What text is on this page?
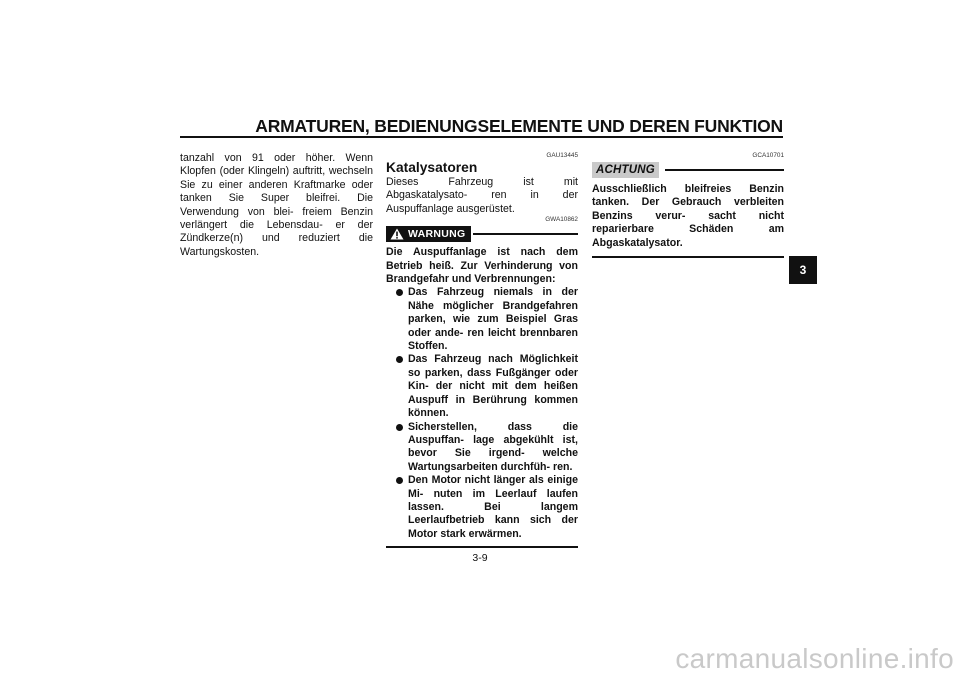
ARMATUREN, BEDIENUNGSELEMENTE UND DEREN FUNKTION
tanzahl von 91 oder höher. Wenn Klopfen (oder Klingeln) auftritt, wechseln Sie zu einer anderen Kraftmarke oder tanken Sie Super bleifrei. Die Verwendung von blei- freiem Benzin verlängert die Lebensdau- er der Zündkerze(n) und reduziert die Wartungskosten.
GAU13445
Katalysatoren
Dieses Fahrzeug ist mit Abgaskatalysato- ren in der Auspuffanlage ausgerüstet.
GWA10862
WARNUNG
Die Auspuffanlage ist nach dem Betrieb heiß. Zur Verhinderung von Brandgefahr und Verbrennungen:
Das Fahrzeug niemals in der Nähe möglicher Brandgefahren parken, wie zum Beispiel Gras oder ande- ren leicht brennbaren Stoffen.
Das Fahrzeug nach Möglichkeit so parken, dass Fußgänger oder Kin- der nicht mit dem heißen Auspuff in Berührung kommen können.
Sicherstellen, dass die Auspuffan- lage abgekühlt ist, bevor Sie irgend- welche Wartungsarbeiten durchfüh- ren.
Den Motor nicht länger als einige Mi- nuten im Leerlauf laufen lassen. Bei langem Leerlaufbetrieb kann sich der Motor stark erwärmen.
GCA10701
ACHTUNG
Ausschließlich bleifreies Benzin tanken. Der Gebrauch verbleiten Benzins verur- sacht nicht reparierbare Schäden am Abgaskatalysator.
3
3-9
carmanualsonline.info
